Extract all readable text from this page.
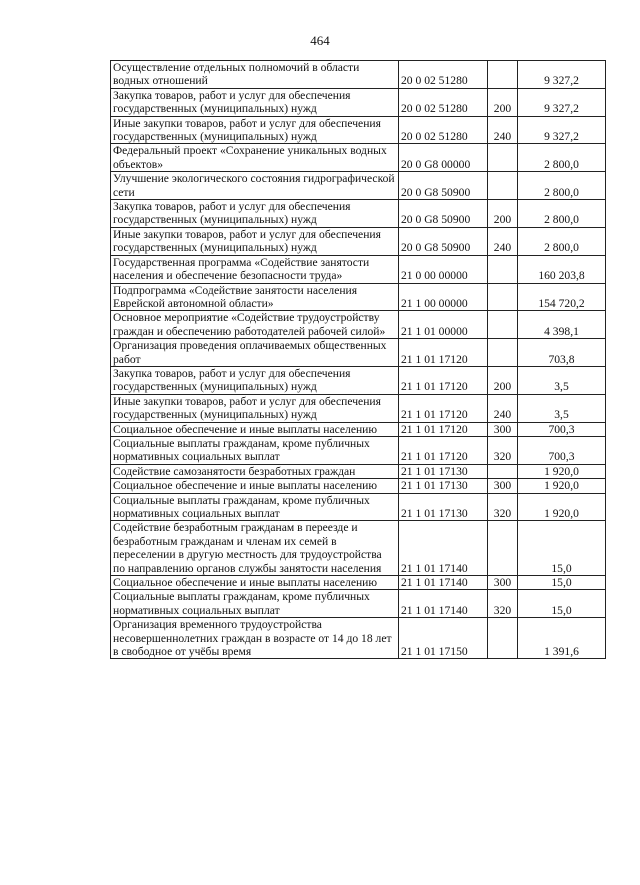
464
Осуществление отдельных полномочий в области водных отношений	20 0 02 51280		9 327,2
Закупка товаров, работ и услуг для обеспечения государственных (муниципальных) нужд	20 0 02 51280	200	9 327,2
Иные закупки товаров, работ и услуг для обеспечения государственных (муниципальных) нужд	20 0 02 51280	240	9 327,2
Федеральный проект «Сохранение уникальных водных объектов»	20 0 G8 00000		2 800,0
Улучшение экологического состояния гидрографической сети	20 0 G8 50900		2 800,0
Закупка товаров, работ и услуг для обеспечения государственных (муниципальных) нужд	20 0 G8 50900	200	2 800,0
Иные закупки товаров, работ и услуг для обеспечения государственных (муниципальных) нужд	20 0 G8 50900	240	2 800,0
Государственная программа «Содействие занятости населения и обеспечение безопасности труда»	21 0 00 00000		160 203,8
Подпрограмма «Содействие занятости населения Еврейской автономной области»	21 1 00 00000		154 720,2
Основное мероприятие «Содействие трудоустройству граждан и обеспечению работодателей рабочей силой»	21 1 01 00000		4 398,1
Организация проведения оплачиваемых общественных работ	21 1 01 17120		703,8
Закупка товаров, работ и услуг для обеспечения государственных (муниципальных) нужд	21 1 01 17120	200	3,5
Иные закупки товаров, работ и услуг для обеспечения государственных (муниципальных) нужд	21 1 01 17120	240	3,5
Социальное обеспечение и иные выплаты населению	21 1 01 17120	300	700,3
Социальные выплаты гражданам, кроме публичных нормативных социальных выплат	21 1 01 17120	320	700,3
Содействие самозанятости безработных граждан	21 1 01 17130		1 920,0
Социальное обеспечение и иные выплаты населению	21 1 01 17130	300	1 920,0
Социальные выплаты гражданам, кроме публичных нормативных социальных выплат	21 1 01 17130	320	1 920,0
Содействие безработным гражданам в переезде и безработным гражданам и членам их семей в переселении в другую местность для трудоустройства по направлению органов службы занятости населения	21 1 01 17140		15,0
Социальное обеспечение и иные выплаты населению	21 1 01 17140	300	15,0
Социальные выплаты гражданам, кроме публичных нормативных социальных выплат	21 1 01 17140	320	15,0
Организация временного трудоустройства несовершеннолетних граждан в возрасте от 14 до 18 лет в свободное от учёбы время	21 1 01 17150		1 391,6
